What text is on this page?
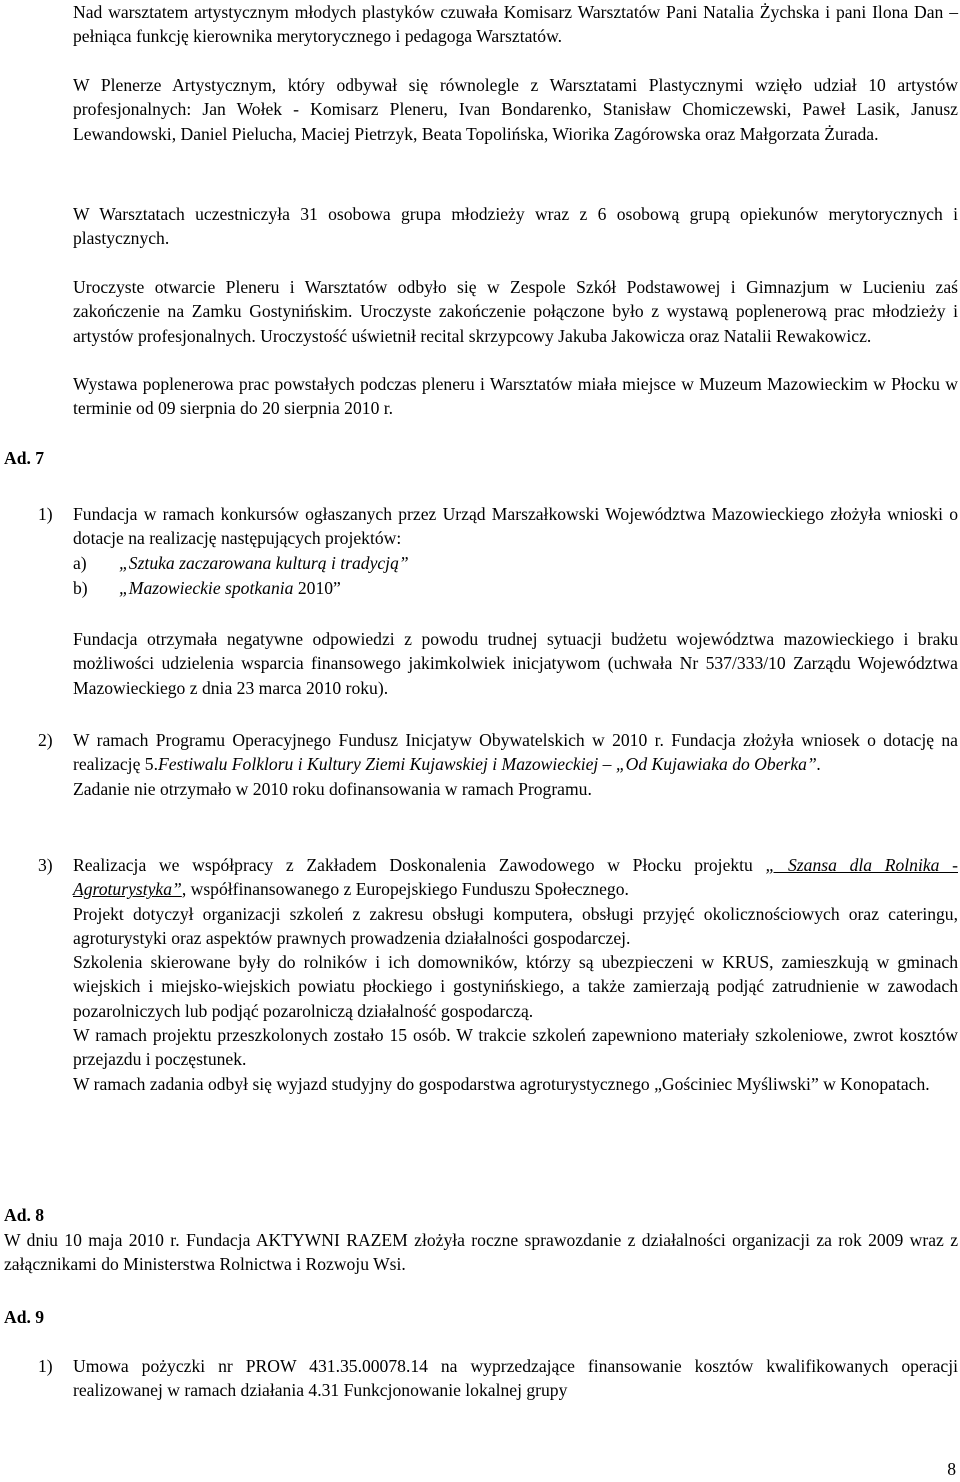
Nad warsztatem artystycznym młodych plastyków czuwała Komisarz Warsztatów Pani Natalia Żychska i pani Ilona Dan – pełniąca funkcję kierownika merytorycznego i pedagoga Warsztatów.

W Plenerze Artystycznym, który odbywał się równolegle z Warsztatami Plastycznymi wzięło udział 10 artystów profesjonalnych: Jan Wołek - Komisarz Pleneru, Ivan Bondarenko, Stanisław Chomiczewski, Paweł Lasik, Janusz Lewandowski, Daniel Pielucha, Maciej Pietrzyk, Beata Topolińska, Wiorika Zagórowska oraz Małgorzata Żurada.

W Warsztatach uczestniczyła 31 osobowa grupa młodzieży wraz z 6 osobową grupą opiekunów merytorycznych i plastycznych.

Uroczyste otwarcie Pleneru i Warsztatów odbyło się w Zespole Szkół Podstawowej i Gimnazjum w Lucieniu zaś zakończenie na Zamku Gostynińskim. Uroczyste zakończenie połączone było z wystawą poplenerową prac młodzieży i artystów profesjonalnych. Uroczystość uświetnił recital skrzypcowy Jakuba Jakowicza oraz Natalii Rewakowicz.

Wystawa poplenerowa prac powstałych podczas pleneru i Warsztatów miała miejsce w Muzeum Mazowieckim w Płocku w terminie od 09 sierpnia do 20 sierpnia 2010 r.

Ad. 7

1) Fundacja w ramach konkursów ogłaszanych przez Urząd Marszałkowski Województwa Mazowieckiego złożyła wnioski o dotacje na realizację następujących projektów:

a) „Sztuka zaczarowana kulturą i tradycją”
b) „Mazowieckie spotkania 2010”

Fundacja otrzymała negatywne odpowiedzi z powodu trudnej sytuacji budżetu województwa mazowieckiego i braku możliwości udzielenia wsparcia finansowego jakimkolwiek inicjatywom (uchwała Nr 537/333/10 Zarządu Województwa Mazowieckiego z dnia 23 marca 2010 roku).

2) W ramach Programu Operacyjnego Fundusz Inicjatyw Obywatelskich w 2010 r. Fundacja złożyła wniosek o dotację na realizację 5.Festiwalu Folkloru i Kultury Ziemi Kujawskiej i Mazowieckiej – „Od Kujawiaka do Oberka”.
Zadanie nie otrzymało w 2010 roku dofinansowania w ramach Programu.

3) Realizacja we współpracy z Zakładem Doskonalenia Zawodowego w Płocku projektu „ Szansa dla Rolnika - Agroturystyka”, współfinansowanego z Europejskiego Funduszu Społecznego.
Projekt dotyczył organizacji szkoleń z zakresu obsługi komputera, obsługi przyjęć okolicznościowych oraz cateringu, agroturystyki oraz aspektów prawnych prowadzenia działalności gospodarczej.
Szkolenia skierowane były do rolników i ich domowników, którzy są ubezpieczeni w KRUS, zamieszkują w gminach wiejskich i miejsko-wiejskich powiatu płockiego i gostynińskiego, a także zamierzają podjąć zatrudnienie w zawodach pozarolniczych lub podjąć pozarolniczą działalność gospodarczą.
W ramach projektu przeszkolonych zostało 15 osób. W trakcie szkoleń zapewniono materiały szkoleniowe, zwrot kosztów przejazdu i poczęstunek.
W ramach zadania odbył się wyjazd studyjny do gospodarstwa agroturystycznego „Gościniec Myśliwski” w Konopatach.

Ad. 8

W dniu 10 maja 2010 r. Fundacja AKTYWNI RAZEM złożyła roczne sprawozdanie z działalności organizacji za rok 2009 wraz z załącznikami do Ministerstwa Rolnictwa i Rozwoju Wsi.

Ad. 9

1) Umowa pożyczki nr PROW 431.35.00078.14 na wyprzedzające finansowanie kosztów kwalifikowanych operacji realizowanej w ramach działania 4.31 Funkcjonowanie lokalnej grupy

8
